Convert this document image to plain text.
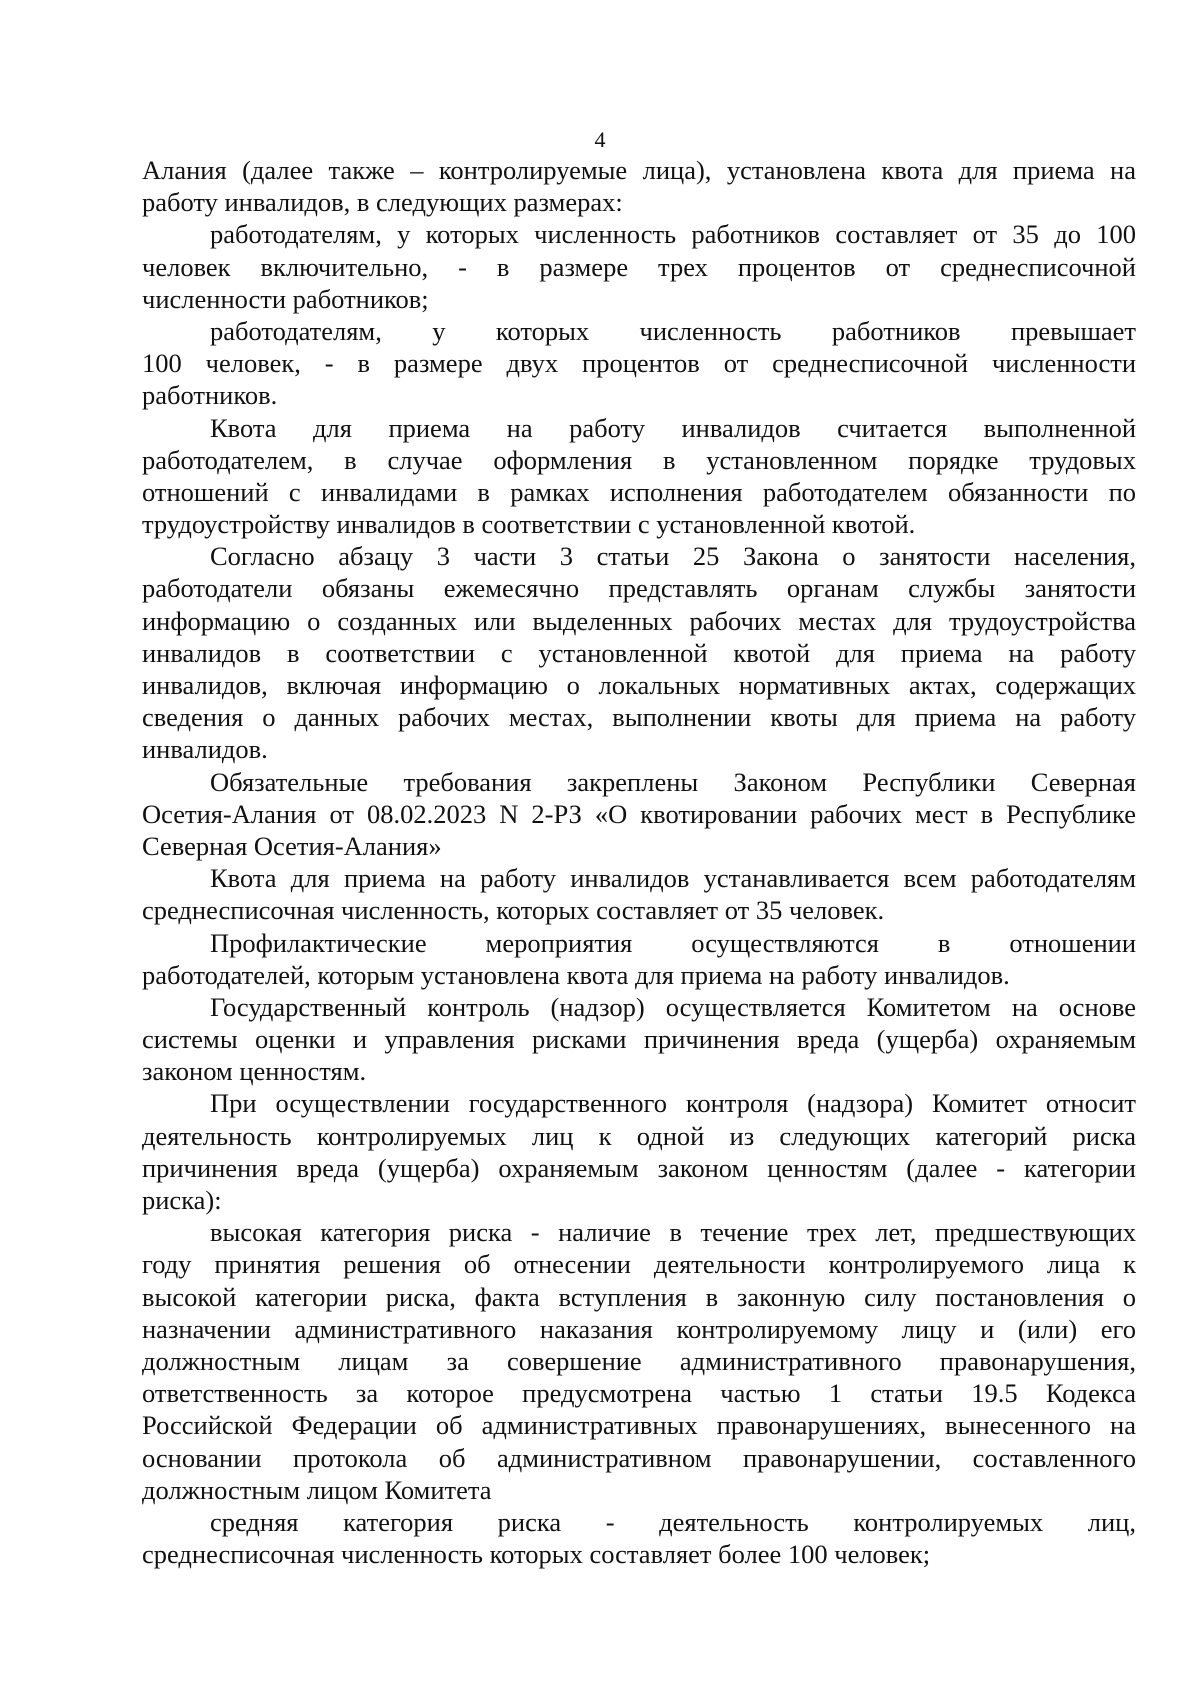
4
Алания (далее также – контролируемые лица), установлена квота для приема на
работу инвалидов, в следующих размерах:
работодателям, у которых численность работников составляет от 35 до 100
человек включительно, - в размере трех процентов от среднесписочной
численности работников;
работодателям, у которых численность работников превышает
100 человек, - в размере двух процентов от среднесписочной численности
работников.
Квота для приема на работу инвалидов считается выполненной
работодателем, в случае оформления в установленном порядке трудовых
отношений с инвалидами в рамках исполнения работодателем обязанности по
трудоустройству инвалидов в соответствии с установленной квотой.
Согласно абзацу 3 части 3 статьи 25 Закона о занятости населения,
работодатели обязаны ежемесячно представлять органам службы занятости
информацию о созданных или выделенных рабочих местах для трудоустройства
инвалидов в соответствии с установленной квотой для приема на работу
инвалидов, включая информацию о локальных нормативных актах, содержащих
сведения о данных рабочих местах, выполнении квоты для приема на работу
инвалидов.
Обязательные требования закреплены Законом Республики Северная
Осетия-Алания от 08.02.2023 N 2-РЗ «О квотировании рабочих мест в Республике
Северная Осетия-Алания»
Квота для приема на работу инвалидов устанавливается всем работодателям
среднесписочная численность, которых составляет от 35 человек.
Профилактические мероприятия осуществляются в отношении
работодателей, которым установлена квота для приема на работу инвалидов.
Государственный контроль (надзор) осуществляется Комитетом на основе
системы оценки и управления рисками причинения вреда (ущерба) охраняемым
законом ценностям.
При осуществлении государственного контроля (надзора) Комитет относит
деятельность контролируемых лиц к одной из следующих категорий риска
причинения вреда (ущерба) охраняемым законом ценностям (далее - категории
риска):
высокая категория риска - наличие в течение трех лет, предшествующих
году принятия решения об отнесении деятельности контролируемого лица к
высокой категории риска, факта вступления в законную силу постановления о
назначении административного наказания контролируемому лицу и (или) его
должностным лицам за совершение административного правонарушения,
ответственность за которое предусмотрена частью 1 статьи 19.5 Кодекса
Российской Федерации об административных правонарушениях, вынесенного на
основании протокола об административном правонарушении, составленного
должностным лицом Комитета
средняя категория риска - деятельность контролируемых лиц,
среднесписочная численность которых составляет более 100 человек;
